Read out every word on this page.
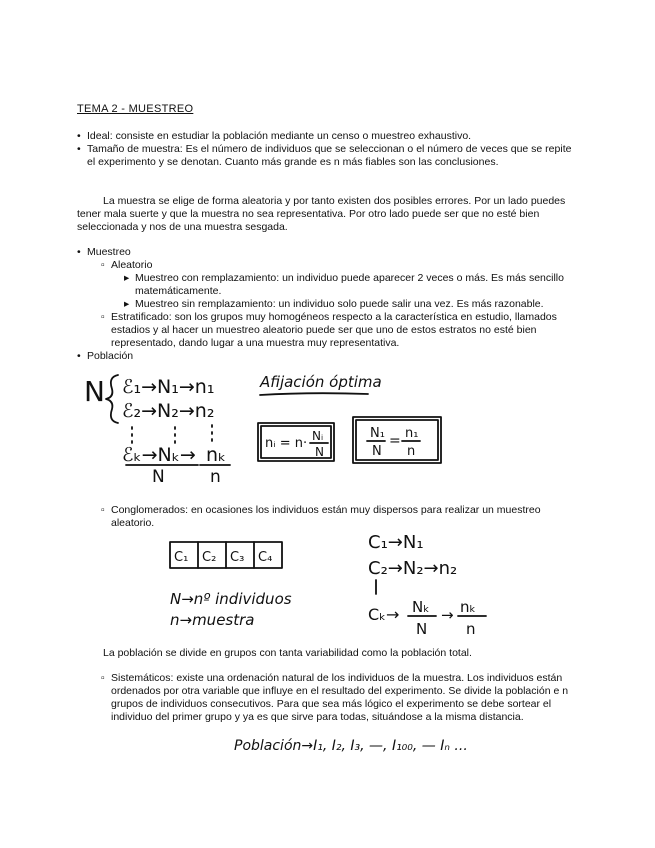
TEMA 2 - MUESTREO
• Ideal: consiste en estudiar la población mediante un censo o muestreo exhaustivo.
• Tamaño de muestra: Es el número de individuos que se seleccionan o el número de veces que se repite el experimento y se denotan. Cuanto más grande es n más fiables son las conclusiones.
La muestra se elige de forma aleatoria y por tanto existen dos posibles errores. Por un lado puedes tener mala suerte y que la muestra no sea representativa. Por otro lado puede ser que no esté bien seleccionada y nos de una muestra sesgada.
• Muestreo
▫ Aleatorio
▸ Muestreo con remplazamiento: un individuo puede aparecer 2 veces o más. Es más sencillo matemáticamente.
▸ Muestreo sin remplazamiento: un individuo solo puede salir una vez. Es más razonable.
▫ Estratificado: son los grupos muy homogéneos respecto a la característica en estudio, llamados estadios y al hacer un muestreo aleatorio puede ser que uno de estos estratos no esté bien representado, dando lugar a una muestra muy representativa.
• Población
N ℰ₁→N₁→n₁
ℰ₂→N₂→n₂
ℰₖ→Nₖ→ nₖ
N	n
Afijación óptima
nᵢ = n· Nᵢ
N
N₁
N
= n₁
n
▫ Conglomerados: en ocasiones los individuos están muy dispersos para realizar un muestreo aleatorio.
C₁ C₂ C₃ C₄
N→nº individuos
n→muestra
C₁→N₁
C₂→N₂→n₂
Cₖ→ Nₖ
N
→ nₖ
n
La población se divide en grupos con tanta variabilidad como la población total.
▫ Sistemáticos: existe una ordenación natural de los individuos de la muestra. Los individuos están ordenados por otra variable que influye en el resultado del experimento. Se divide la población e n grupos de individuos consecutivos. Para que sea más lógico el experimento se debe sortear el individuo del primer grupo y ya es que sirve para todas, situándose a la misma distancia.
Población→I₁, I₂, I₃, —, I₁₀₀, — Iₙ ...
